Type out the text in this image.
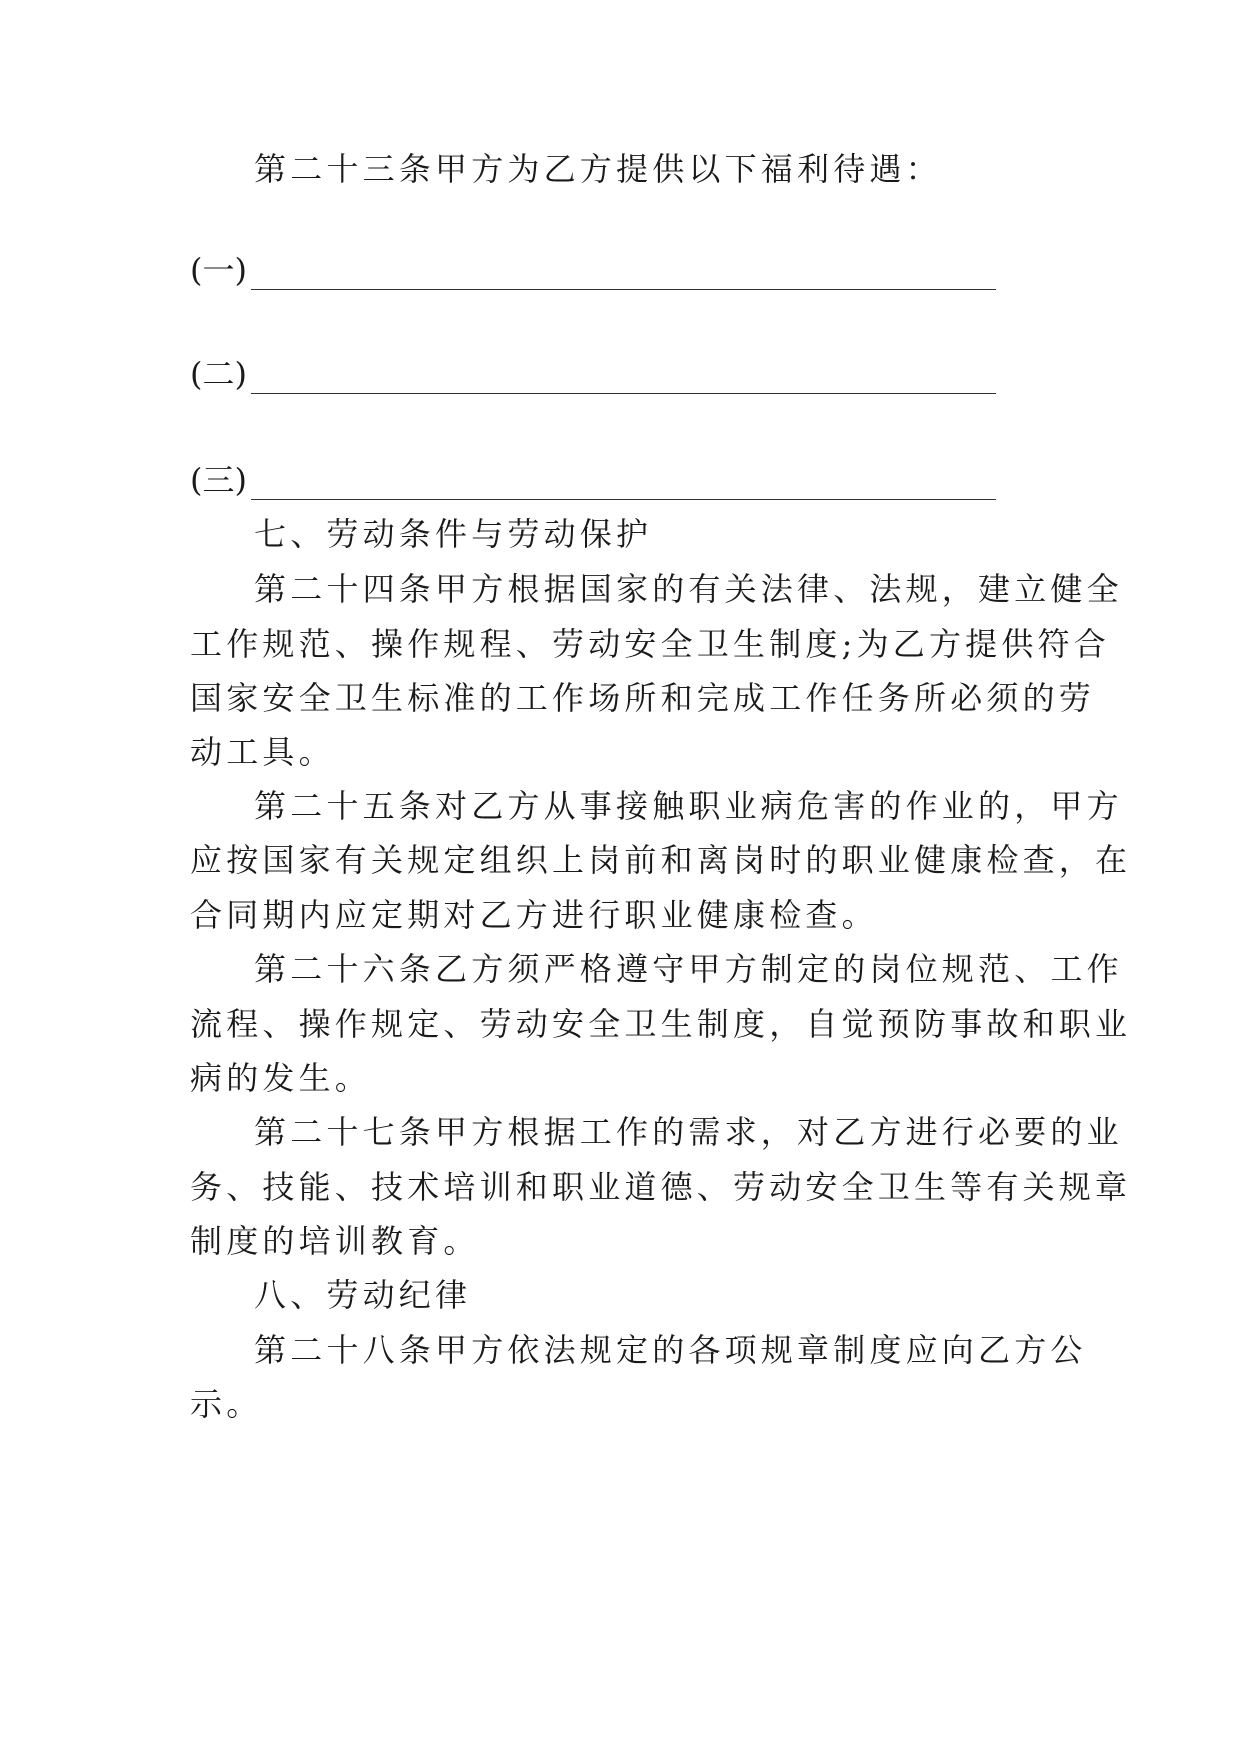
第二十三条甲方为乙方提供以下福利待遇：
(一)
(二)
(三)
七、劳动条件与劳动保护
第二十四条甲方根据国家的有关法律、法规，建立健全
工作规范、操作规程、劳动安全卫生制度;为乙方提供符合
国家安全卫生标准的工作场所和完成工作任务所必须的劳
动工具。
第二十五条对乙方从事接触职业病危害的作业的，甲方
应按国家有关规定组织上岗前和离岗时的职业健康检查，在
合同期内应定期对乙方进行职业健康检查。
第二十六条乙方须严格遵守甲方制定的岗位规范、工作
流程、操作规定、劳动安全卫生制度，自觉预防事故和职业
病的发生。
第二十七条甲方根据工作的需求，对乙方进行必要的业
务、技能、技术培训和职业道德、劳动安全卫生等有关规章
制度的培训教育。
八、劳动纪律
第二十八条甲方依法规定的各项规章制度应向乙方公
示。
